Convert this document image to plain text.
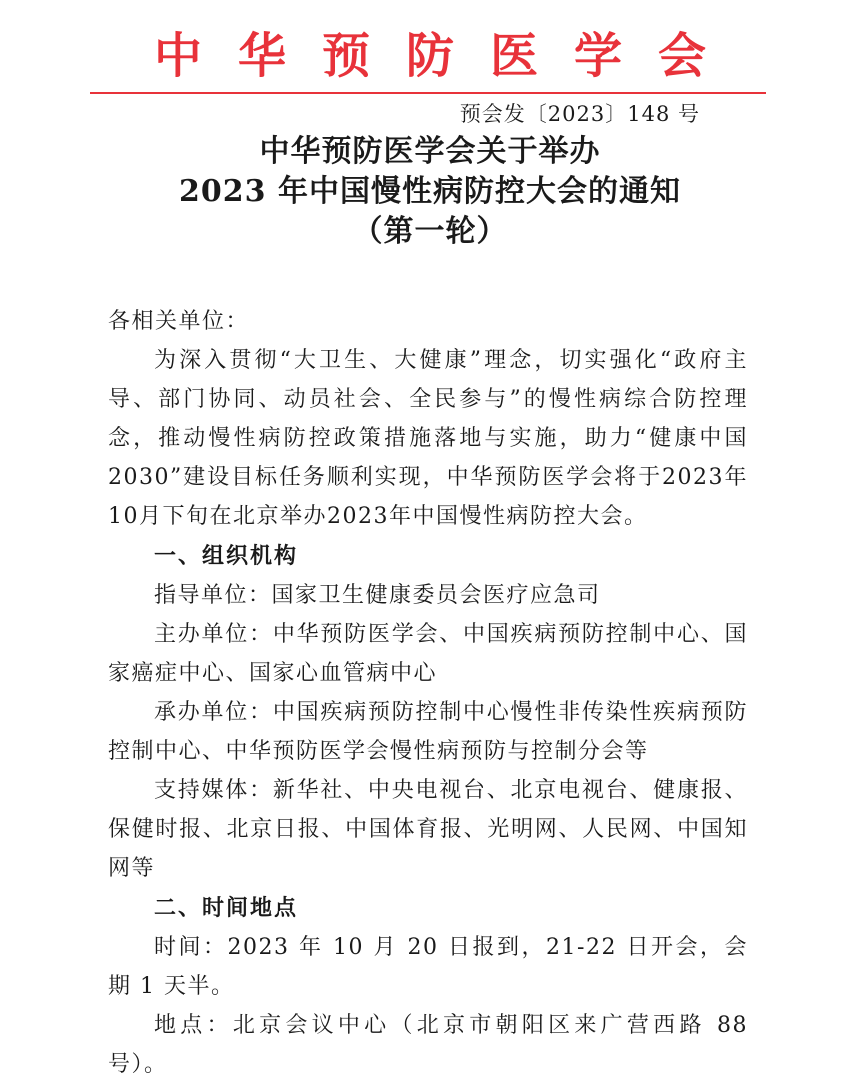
中华预防医学会
预会发〔2023〕148 号
中华预防医学会关于举办
2023 年中国慢性病防控大会的通知
（第一轮）

各相关单位：

为深入贯彻“大卫生、大健康”理念，切实强化“政府主导、部门协同、动员社会、全民参与”的慢性病综合防控理念，推动慢性病防控政策措施落地与实施，助力“健康中国2030”建设目标任务顺利实现，中华预防医学会将于2023年10月下旬在北京举办2023年中国慢性病防控大会。

一、组织机构

指导单位：国家卫生健康委员会医疗应急司

主办单位：中华预防医学会、中国疾病预防控制中心、国家癌症中心、国家心血管病中心

承办单位：中国疾病预防控制中心慢性非传染性疾病预防控制中心、中华预防医学会慢性病预防与控制分会等

支持媒体：新华社、中央电视台、北京电视台、健康报、保健时报、北京日报、中国体育报、光明网、人民网、中国知网等

二、时间地点

时间：2023 年 10 月 20 日报到，21-22 日开会，会期 1 天半。

地点：北京会议中心（北京市朝阳区来广营西路 88 号）。
